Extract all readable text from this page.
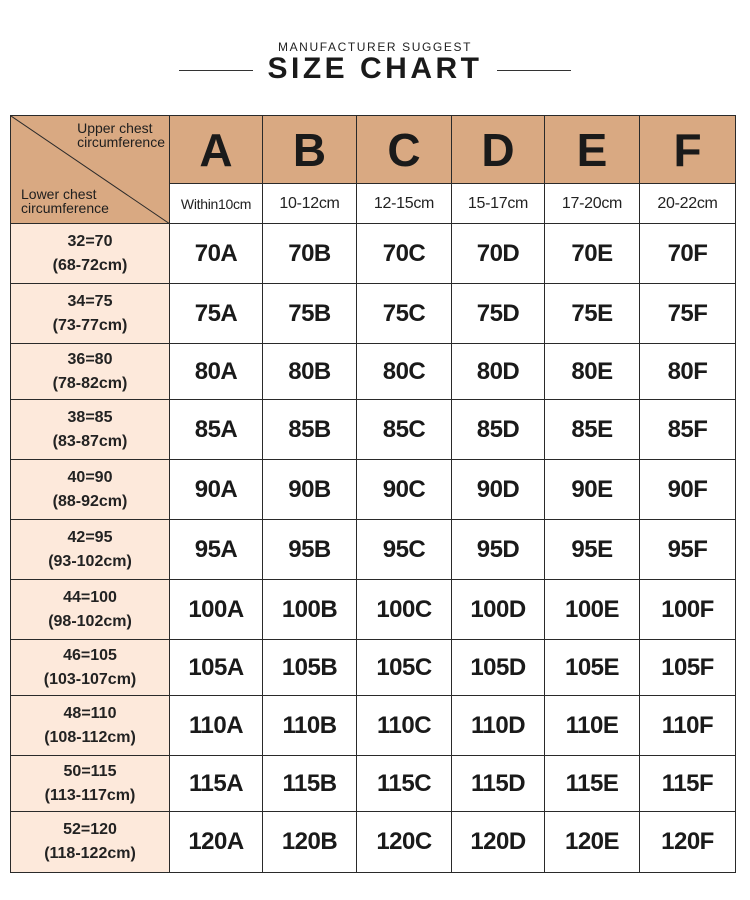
MANUFACTURER SUGGEST
SIZE CHART
Upper chest
circumference
Lower chest
circumference	A	B	C	D	E	F
	Within10cm	10-12cm	12-15cm	15-17cm	17-20cm	20-22cm

32=70
(68-72cm)	70A	70B	70C	70D	70E	70F

34=75
(73-77cm)	75A	75B	75C	75D	75E	75F

36=80
(78-82cm)	80A	80B	80C	80D	80E	80F

38=85
(83-87cm)	85A	85B	85C	85D	85E	85F

40=90
(88-92cm)	90A	90B	90C	90D	90E	90F

42=95
(93-102cm)	95A	95B	95C	95D	95E	95F

44=100
(98-102cm)	100A	100B	100C	100D	100E	100F

46=105
(103-107cm)	105A	105B	105C	105D	105E	105F

48=110
(108-112cm)	110A	110B	110C	110D	110E	110F

50=115
(113-117cm)	115A	115B	115C	115D	115E	115F

52=120
(118-122cm)	120A	120B	120C	120D	120E	120F
